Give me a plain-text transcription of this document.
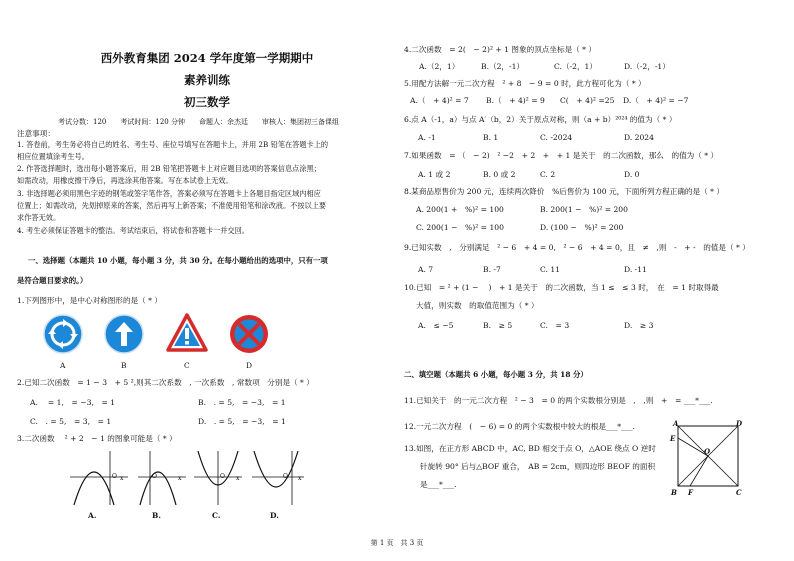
西外教育集团 2024 学年度第一学期期中
素养训练
初三数学
考试分数：120　　考试时间：120 分钟　　命题人：余杰廷　　审核人：集团初三备课组
注意事项：
1. 答卷前，考生务必将自己的姓名、考生号、座位号填写在答题卡上，并用 2B 铅笔在答题卡上的
相应位置填涂考生号。
2. 作答选择题时，选出每小题答案后，用 2B 铅笔把答题卡上对应题目选项的答案信息点涂黑；
如需改动，用橡皮擦干净后，再选涂其他答案。写在本试卷上无效。
3. 非选择题必须用黑色字迹的钢笔或签字笔作答，答案必须写在答题卡上各题目指定区域内相应
位置上；如需改动，先划掉原来的答案，然后再写上新答案；不准使用铅笔和涂改液。不按以上要
求作答无效。
4. 考生必须保证答题卡的整洁。考试结束后，将试卷和答题卡一并交回。
一、选择题（本题共 10 小题，每小题 3 分，共 30 分。在每小题给出的选项中，只有一项
是符合题目要求的。）
1.下列图形中，是中心对称图形的是（ * ）
A	B	C	D
2.已知二次函数　= 1 − 3　+ 5 ²,则其二次系数　, 一次系数　, 常数项　分别是（ * ）
A.　 = 1,　= −3,　= 1	B.　. = 5,　= −3,　= 1
C.　. = 5,　= 3,　= 1	D.　. = 5,　= −3,　= 1
3.二次函数　 ² + 2　− 1 的图象可能是（ * ）
O x	O	x	O x	O x
A.	B.	C.	D.
4.二次函数　= 2(　− 2)² + 1 图象的顶点坐标是（ * ）
A.（2，1）	B.（2，-1）	C.（-2，1）	D.（-2，-1）
5.用配方法解一元二次方程　² + 8　− 9 = 0 时，此方程可化为（ * ）
A.（　+ 4)² = 7 B.（　+ 4)² = 9 C(　+ 4)² =25 D.（　+ 4)² = −7
6.点 A（-1，a）与点 A′（b，2）关于原点对称，则（a + b）²⁰²⁴ 的值为（ * ）
A. -1	B. 1	C. -2024	D. 2024
7.如果函数　= （　− 2)　² −2　+ 2　+　+ 1 是关于　的二次函数，那么　的值为（ * ）
A. 1 或 2	B. 0 或 2	C. 2	D. 0
8.某商品原售价为 200 元，连续两次降价　%后售价为 100 元，下面所列方程正确的是（ * ）
A. 200(1 +　%)² = 100	B. 200(1 −　%)² = 200
C. 200(1 −　%)² = 100	D. (100 −　%)² = 200
9.已知实数　,　分别满足　² − 6　+ 4 = 0,　² − 6　+ 4 = 0，且　≠　,则　-　+ -　的值是（ * ）
A. 7	B. -7	C. 11	D. -11
10.已知　= ² + (1 − 　)　+ 1 是关于　的二次函数，当 1 ≤　≤ 3 时，　在　= 1 时取得最
大值，则实数　的取值范围为（ * ）
A.　≤ −5	B.　≥ 5	C.　= 3	D.　≥ 3
二、填空题（本题共 6 小题，每小题 3 分，共 18 分）
11.已知关于　的一元二次方程　² − 3　= 0 的两个实数根分别是　,　,则　+　= ___*___.
12.一元二次方程　(　− 6) = 0 的两个实数根中较大的根是___*___.
13.如图，在正方形 ABCD 中，AC, BD 相交于点 O，△AOE 绕点 O 逆时
针旋转 90° 后与△BOF 重合，　AB = 2cm，则四边形 BEOF 的面积
是___*___.
A	D
E
O
B F	C
第 1 页　共 3 页
